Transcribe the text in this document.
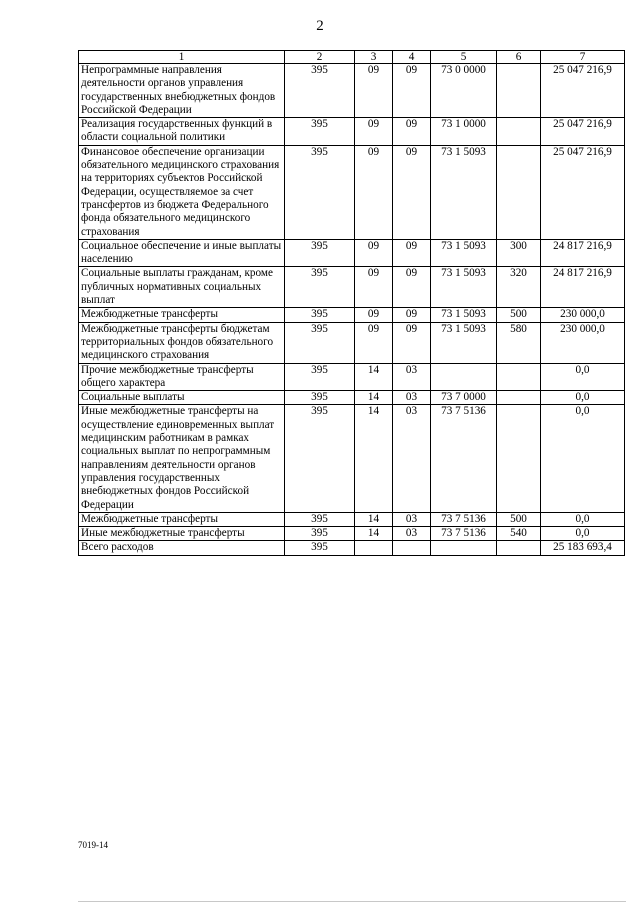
2
1	2	3	4	5	6	7
Непрограммные направления деятельности органов управления государственных внебюджетных фондов Российской Федерации	395	09	09	73 0 0000		25 047 216,9
Реализация государственных функций в области социальной политики	395	09	09	73 1 0000		25 047 216,9
Финансовое обеспечение организации обязательного медицинского страхования на территориях субъектов Российской Федерации, осуществляемое за счет трансфертов из бюджета Федерального фонда обязательного медицинского страхования	395	09	09	73 1 5093		25 047 216,9
Социальное обеспечение и иные выплаты населению	395	09	09	73 1 5093	300	24 817 216,9
Социальные выплаты гражданам, кроме публичных нормативных социальных выплат	395	09	09	73 1 5093	320	24 817 216,9
Межбюджетные трансферты	395	09	09	73 1 5093	500	230 000,0
Межбюджетные трансферты бюджетам территориальных фондов обязательного медицинского страхования	395	09	09	73 1 5093	580	230 000,0
Прочие межбюджетные трансферты общего характера	395	14	03			0,0
Социальные выплаты	395	14	03	73 7 0000		0,0
Иные межбюджетные трансферты на осуществление единовременных выплат медицинским работникам в рамках социальных выплат по непрограммным направлениям деятельности органов управления государственных внебюджетных фондов Российской Федерации	395	14	03	73 7 5136		0,0
Межбюджетные трансферты	395	14	03	73 7 5136	500	0,0
Иные межбюджетные трансферты	395	14	03	73 7 5136	540	0,0
Всего расходов	395					25 183 693,4
7019-14
